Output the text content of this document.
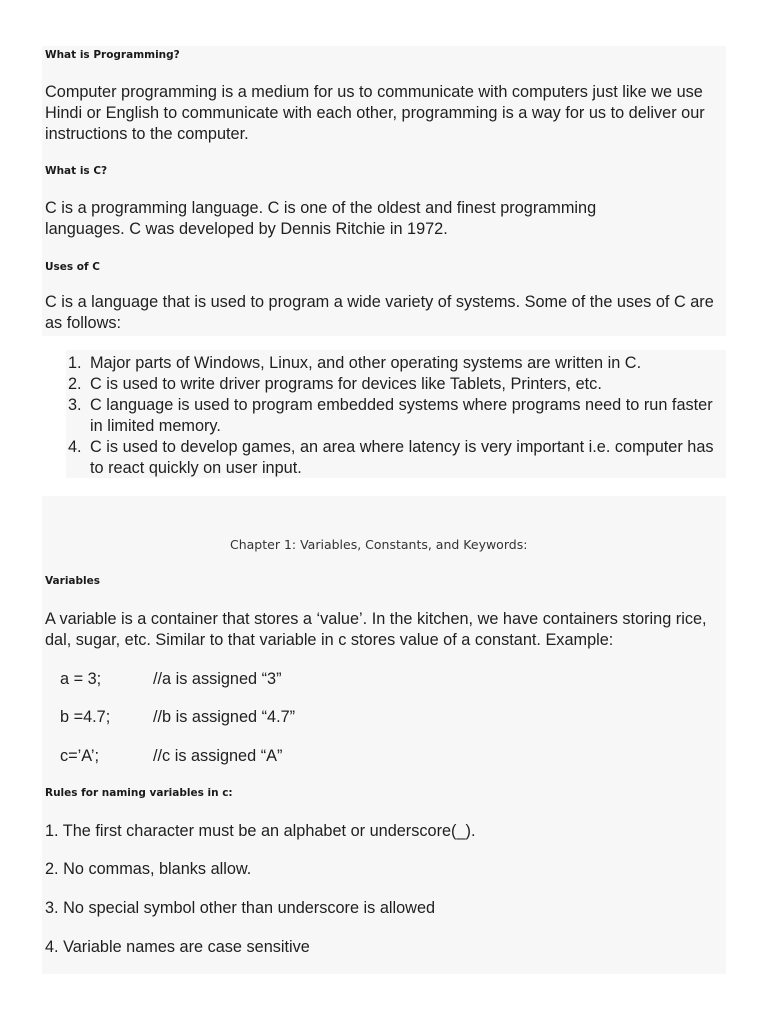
What is Programming?
Computer programming is a medium for us to communicate with computers just like we use Hindi or English to communicate with each other, programming is a way for us to deliver our instructions to the computer.
What is C?
C is a programming language. C is one of the oldest and finest programming languages. C was developed by Dennis Ritchie in 1972.
Uses of C
C is a language that is used to program a wide variety of systems. Some of the uses of C are as follows:
1. Major parts of Windows, Linux, and other operating systems are written in C.
2. C is used to write driver programs for devices like Tablets, Printers, etc.
3. C language is used to program embedded systems where programs need to run faster in limited memory.
4. C is used to develop games, an area where latency is very important i.e. computer has to react quickly on user input.
Chapter 1: Variables, Constants, and Keywords:
Variables
A variable is a container that stores a ‘value’. In the kitchen, we have containers storing rice, dal, sugar, etc. Similar to that variable in c stores value of a constant. Example:
a = 3;	//a is assigned “3”
b =4.7;	//b is assigned “4.7”
c=’A’;	//c is assigned “A”
Rules for naming variables in c:
1. The first character must be an alphabet or underscore(_).
2. No commas, blanks allow.
3. No special symbol other than underscore is allowed
4. Variable names are case sensitive
